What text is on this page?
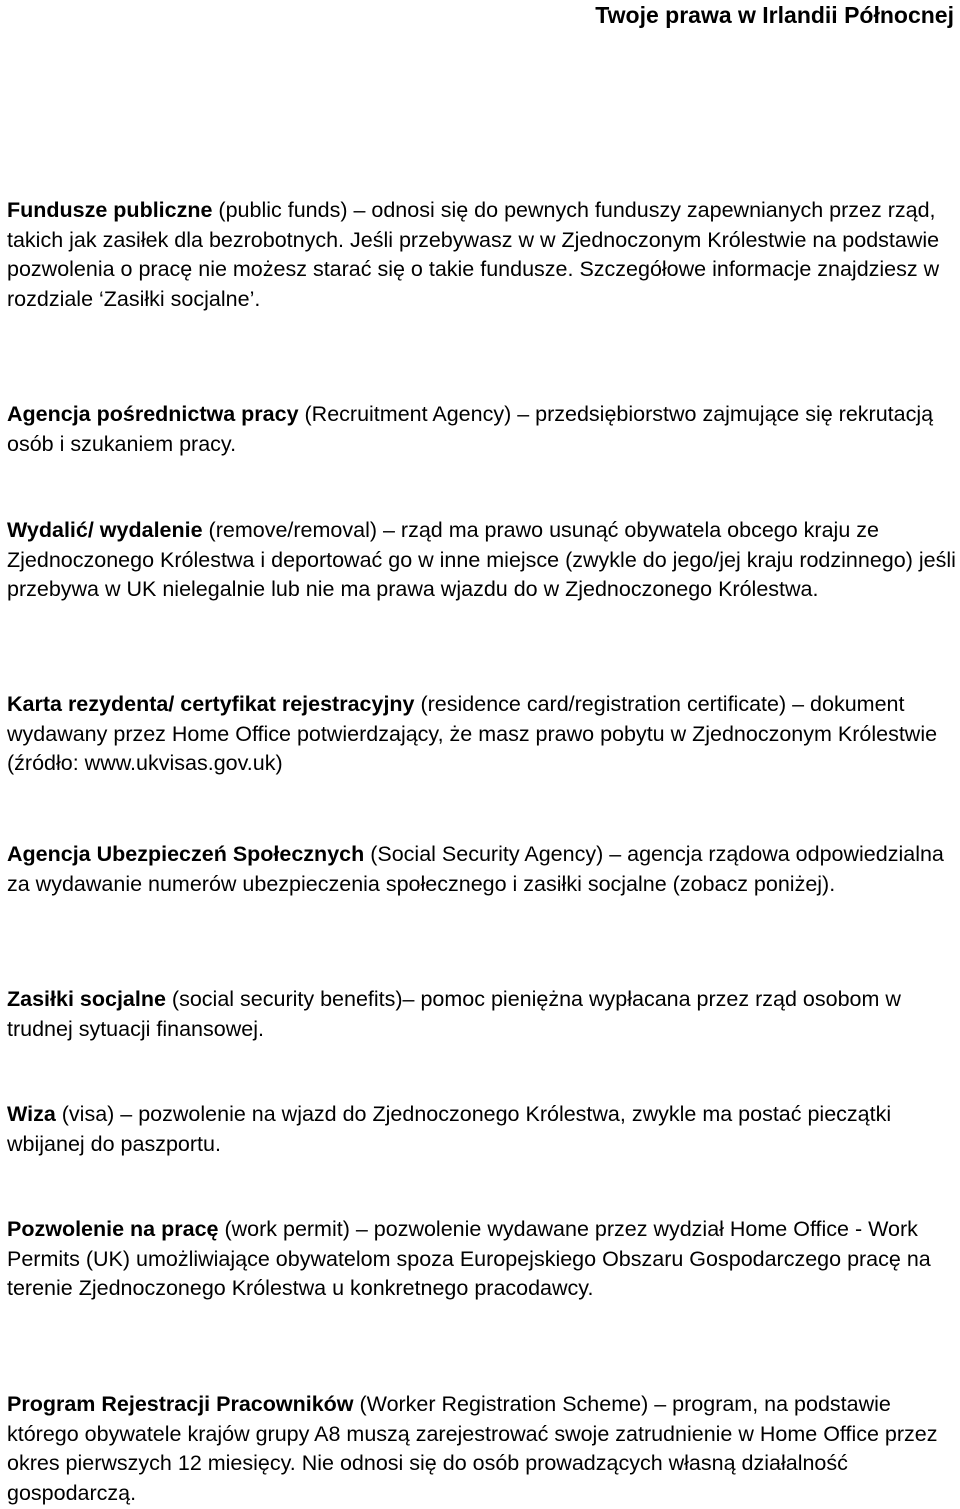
Twoje prawa w Irlandii Północnej

Fundusze publiczne (public funds) – odnosi się do pewnych funduszy zapewnianych przez rząd, takich jak zasiłek dla bezrobotnych. Jeśli przebywasz w w Zjednoczonym Królestwie na podstawie pozwolenia o pracę nie możesz starać się o takie fundusze. Szczegółowe informacje znajdziesz w rozdziale ‘Zasiłki socjalne’.

Agencja pośrednictwa pracy (Recruitment Agency) – przedsiębiorstwo zajmujące się rekrutacją osób i szukaniem pracy.

Wydalić/ wydalenie (remove/removal) – rząd ma prawo usunąć obywatela obcego kraju ze Zjednoczonego Królestwa i deportować go w inne miejsce (zwykle do jego/jej kraju rodzinnego) jeśli przebywa w UK nielegalnie lub nie ma prawa wjazdu do w Zjednoczonego Królestwa.

Karta rezydenta/ certyfikat rejestracyjny (residence card/registration certificate) – dokument wydawany przez Home Office potwierdzający, że masz prawo pobytu w Zjednoczonym Królestwie (źródło: www.ukvisas.gov.uk)

Agencja Ubezpieczeń Społecznych (Social Security Agency) – agencja rządowa odpowiedzialna za wydawanie numerów ubezpieczenia społecznego i zasiłki socjalne (zobacz poniżej).

Zasiłki socjalne (social security benefits)– pomoc pieniężna wypłacana przez rząd osobom w trudnej sytuacji finansowej.

Wiza (visa) – pozwolenie na wjazd do Zjednoczonego Królestwa, zwykle ma postać pieczątki wbijanej do paszportu.

Pozwolenie na pracę (work permit) – pozwolenie wydawane przez wydział Home Office - Work Permits (UK) umożliwiające obywatelom spoza Europejskiego Obszaru Gospodarczego pracę na terenie Zjednoczonego Królestwa u konkretnego pracodawcy.

Program Rejestracji Pracowników (Worker Registration Scheme) – program, na podstawie którego obywatele krajów grupy A8 muszą zarejestrować swoje zatrudnienie w Home Office przez okres pierwszych 12 miesięcy. Nie odnosi się do osób prowadzących własną działalność gospodarczą.
